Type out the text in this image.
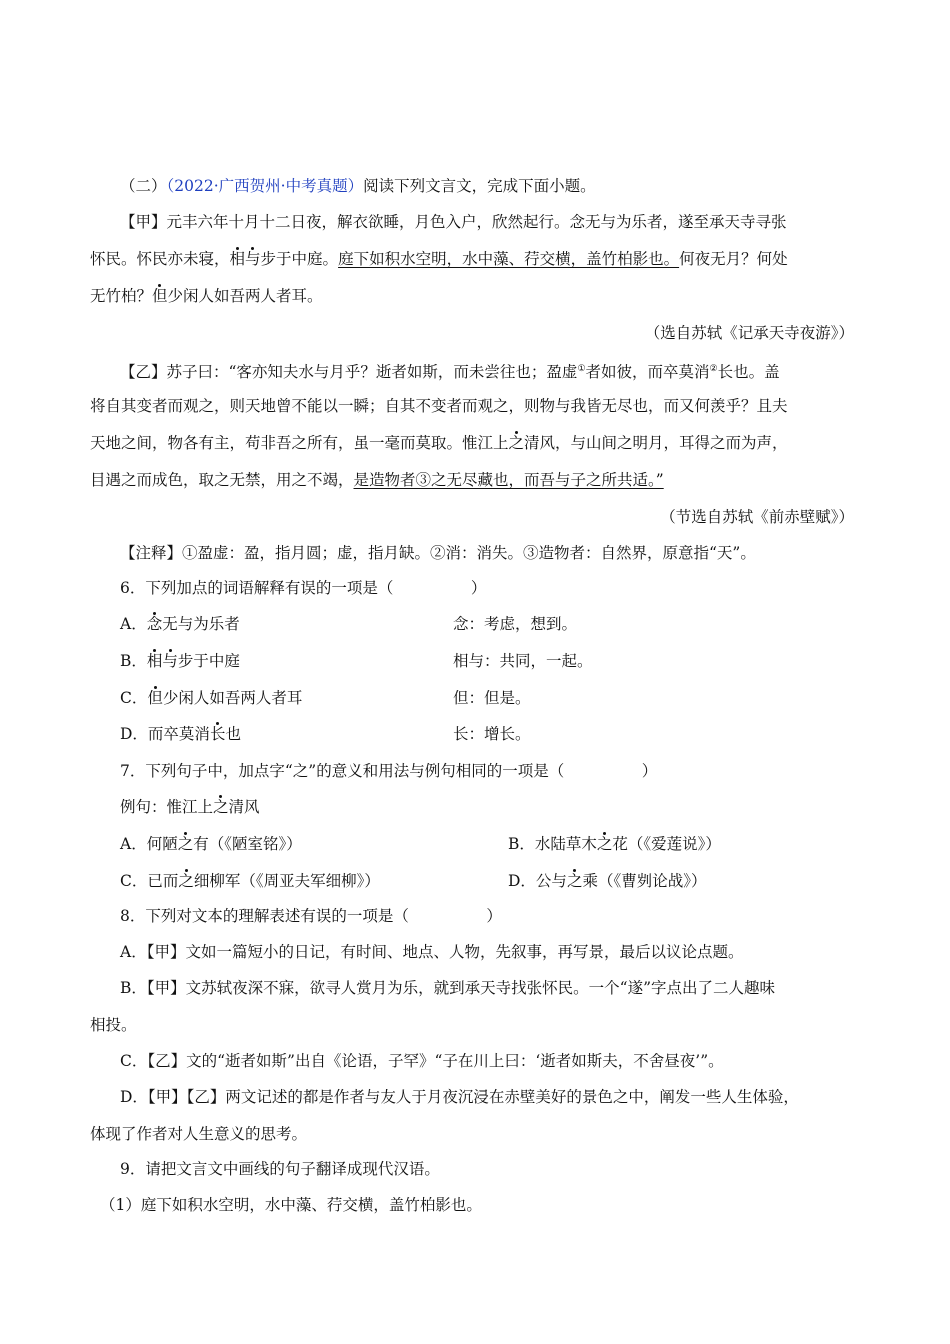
（二）（2022·广西贺州·中考真题）阅读下列文言文，完成下面小题。
【甲】元丰六年十月十二日夜，解衣欲睡，月色入户，欣然起行。念无与为乐者，遂至承天寺寻张
怀民。怀民亦未寝，相与步于中庭。庭下如积水空明，水中藻、荇交横，盖竹柏影也。何夜无月？何处
无竹柏？但少闲人如吾两人者耳。
（选自苏轼《记承天寺夜游》）
【乙】苏子曰：“客亦知夫水与月乎？逝者如斯，而未尝往也；盈虚①者如彼，而卒莫消②长也。盖
将自其变者而观之，则天地曾不能以一瞬；自其不变者而观之，则物与我皆无尽也，而又何羡乎？且夫
天地之间，物各有主，苟非吾之所有，虽一毫而莫取。惟江上之清风，与山间之明月，耳得之而为声，
目遇之而成色，取之无禁，用之不竭，是造物者③之无尽藏也，而吾与子之所共适。”
（节选自苏轼《前赤壁赋》）
【注释】①盈虚：盈，指月圆；虚，指月缺。②消：消失。③造物者：自然界，原意指“天”。
6．下列加点的词语解释有误的一项是（　　　　　）
A．念无与为乐者	念：考虑，想到。
B．相与步于中庭	相与：共同，一起。
C．但少闲人如吾两人者耳	但：但是。
D．而卒莫消长也	长：增长。
7．下列句子中，加点字“之”的意义和用法与例句相同的一项是（　　　　　）
例句：惟江上之清风
A．何陋之有（《陋室铭》）	B．水陆草木之花（《爱莲说》）
C．已而之细柳军（《周亚夫军细柳》）	D．公与之乘（《曹刿论战》）
8．下列对文本的理解表述有误的一项是（　　　　　）
A．【甲】文如一篇短小的日记，有时间、地点、人物，先叙事，再写景，最后以议论点题。
B．【甲】文苏轼夜深不寐，欲寻人赏月为乐，就到承天寺找张怀民。一个“遂”字点出了二人趣味
相投。
C．【乙】文的“逝者如斯”出自《论语，子罕》“子在川上曰：‘逝者如斯夫，不舍昼夜’”。
D．【甲】【乙】两文记述的都是作者与友人于月夜沉浸在赤壁美好的景色之中，阐发一些人生体验，
体现了作者对人生意义的思考。
9．请把文言文中画线的句子翻译成现代汉语。
（1）庭下如积水空明，水中藻、荇交横，盖竹柏影也。
